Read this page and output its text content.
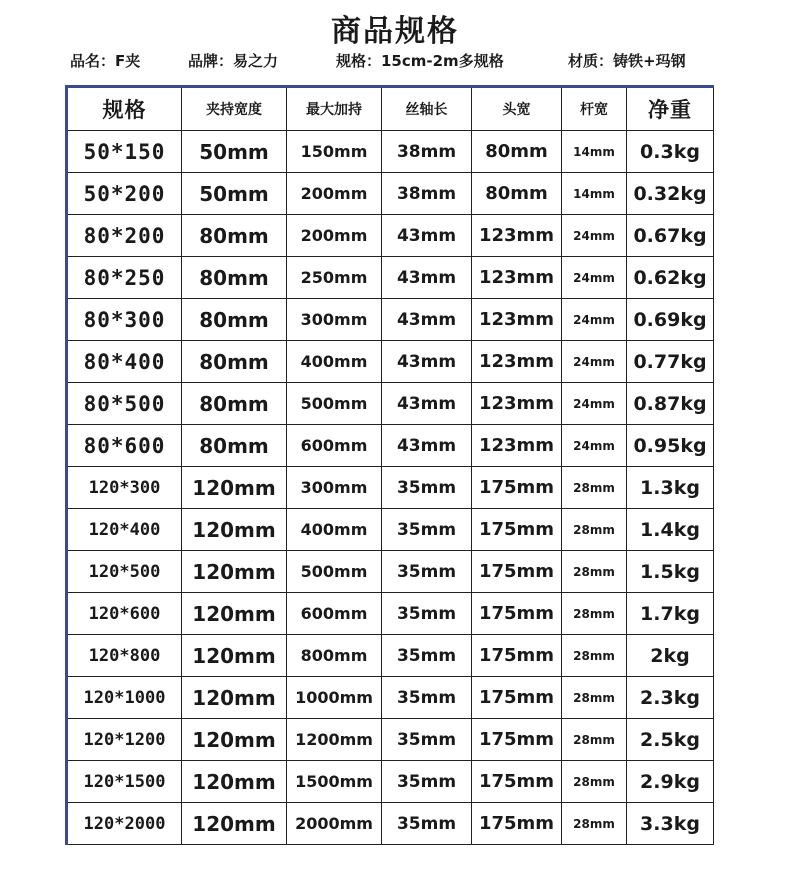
商品规格
品名：F夹	品牌：易之力	规格：15cm-2m多规格	材质：铸铁+玛钢
规格	夹持宽度	最大加持	丝轴长	头宽	杆宽	净重
50*150	50mm	150mm	38mm	80mm	14mm	0.3kg
50*200	50mm	200mm	38mm	80mm	14mm	0.32kg
80*200	80mm	200mm	43mm	123mm	24mm	0.67kg
80*250	80mm	250mm	43mm	123mm	24mm	0.62kg
80*300	80mm	300mm	43mm	123mm	24mm	0.69kg
80*400	80mm	400mm	43mm	123mm	24mm	0.77kg
80*500	80mm	500mm	43mm	123mm	24mm	0.87kg
80*600	80mm	600mm	43mm	123mm	24mm	0.95kg
120*300	120mm	300mm	35mm	175mm	28mm	1.3kg
120*400	120mm	400mm	35mm	175mm	28mm	1.4kg
120*500	120mm	500mm	35mm	175mm	28mm	1.5kg
120*600	120mm	600mm	35mm	175mm	28mm	1.7kg
120*800	120mm	800mm	35mm	175mm	28mm	2kg
120*1000	120mm	1000mm	35mm	175mm	28mm	2.3kg
120*1200	120mm	1200mm	35mm	175mm	28mm	2.5kg
120*1500	120mm	1500mm	35mm	175mm	28mm	2.9kg
120*2000	120mm	2000mm	35mm	175mm	28mm	3.3kg
